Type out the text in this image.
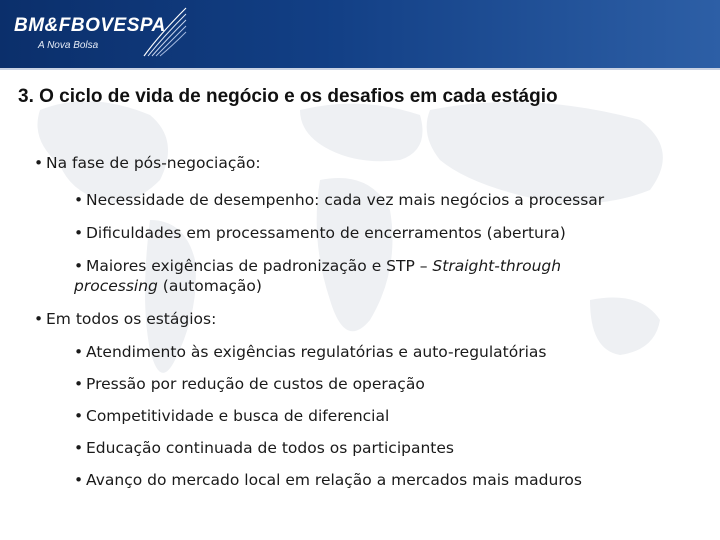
BM&FBOVESPA
A Nova Bolsa
3. O ciclo de vida de negócio e os desafios em cada estágio
• Na fase de pós-negociação:
• Necessidade de desempenho: cada vez mais negócios a processar
• Dificuldades em processamento de encerramentos (abertura)
• Maiores exigências de padronização e STP – Straight-through
processing (automação)
• Em todos os estágios:
• Atendimento às exigências regulatórias e auto-regulatórias
• Pressão por redução de custos de operação
• Competitividade e busca de diferencial
• Educação continuada de todos os participantes
• Avanço do mercado local em relação a mercados mais maduros
